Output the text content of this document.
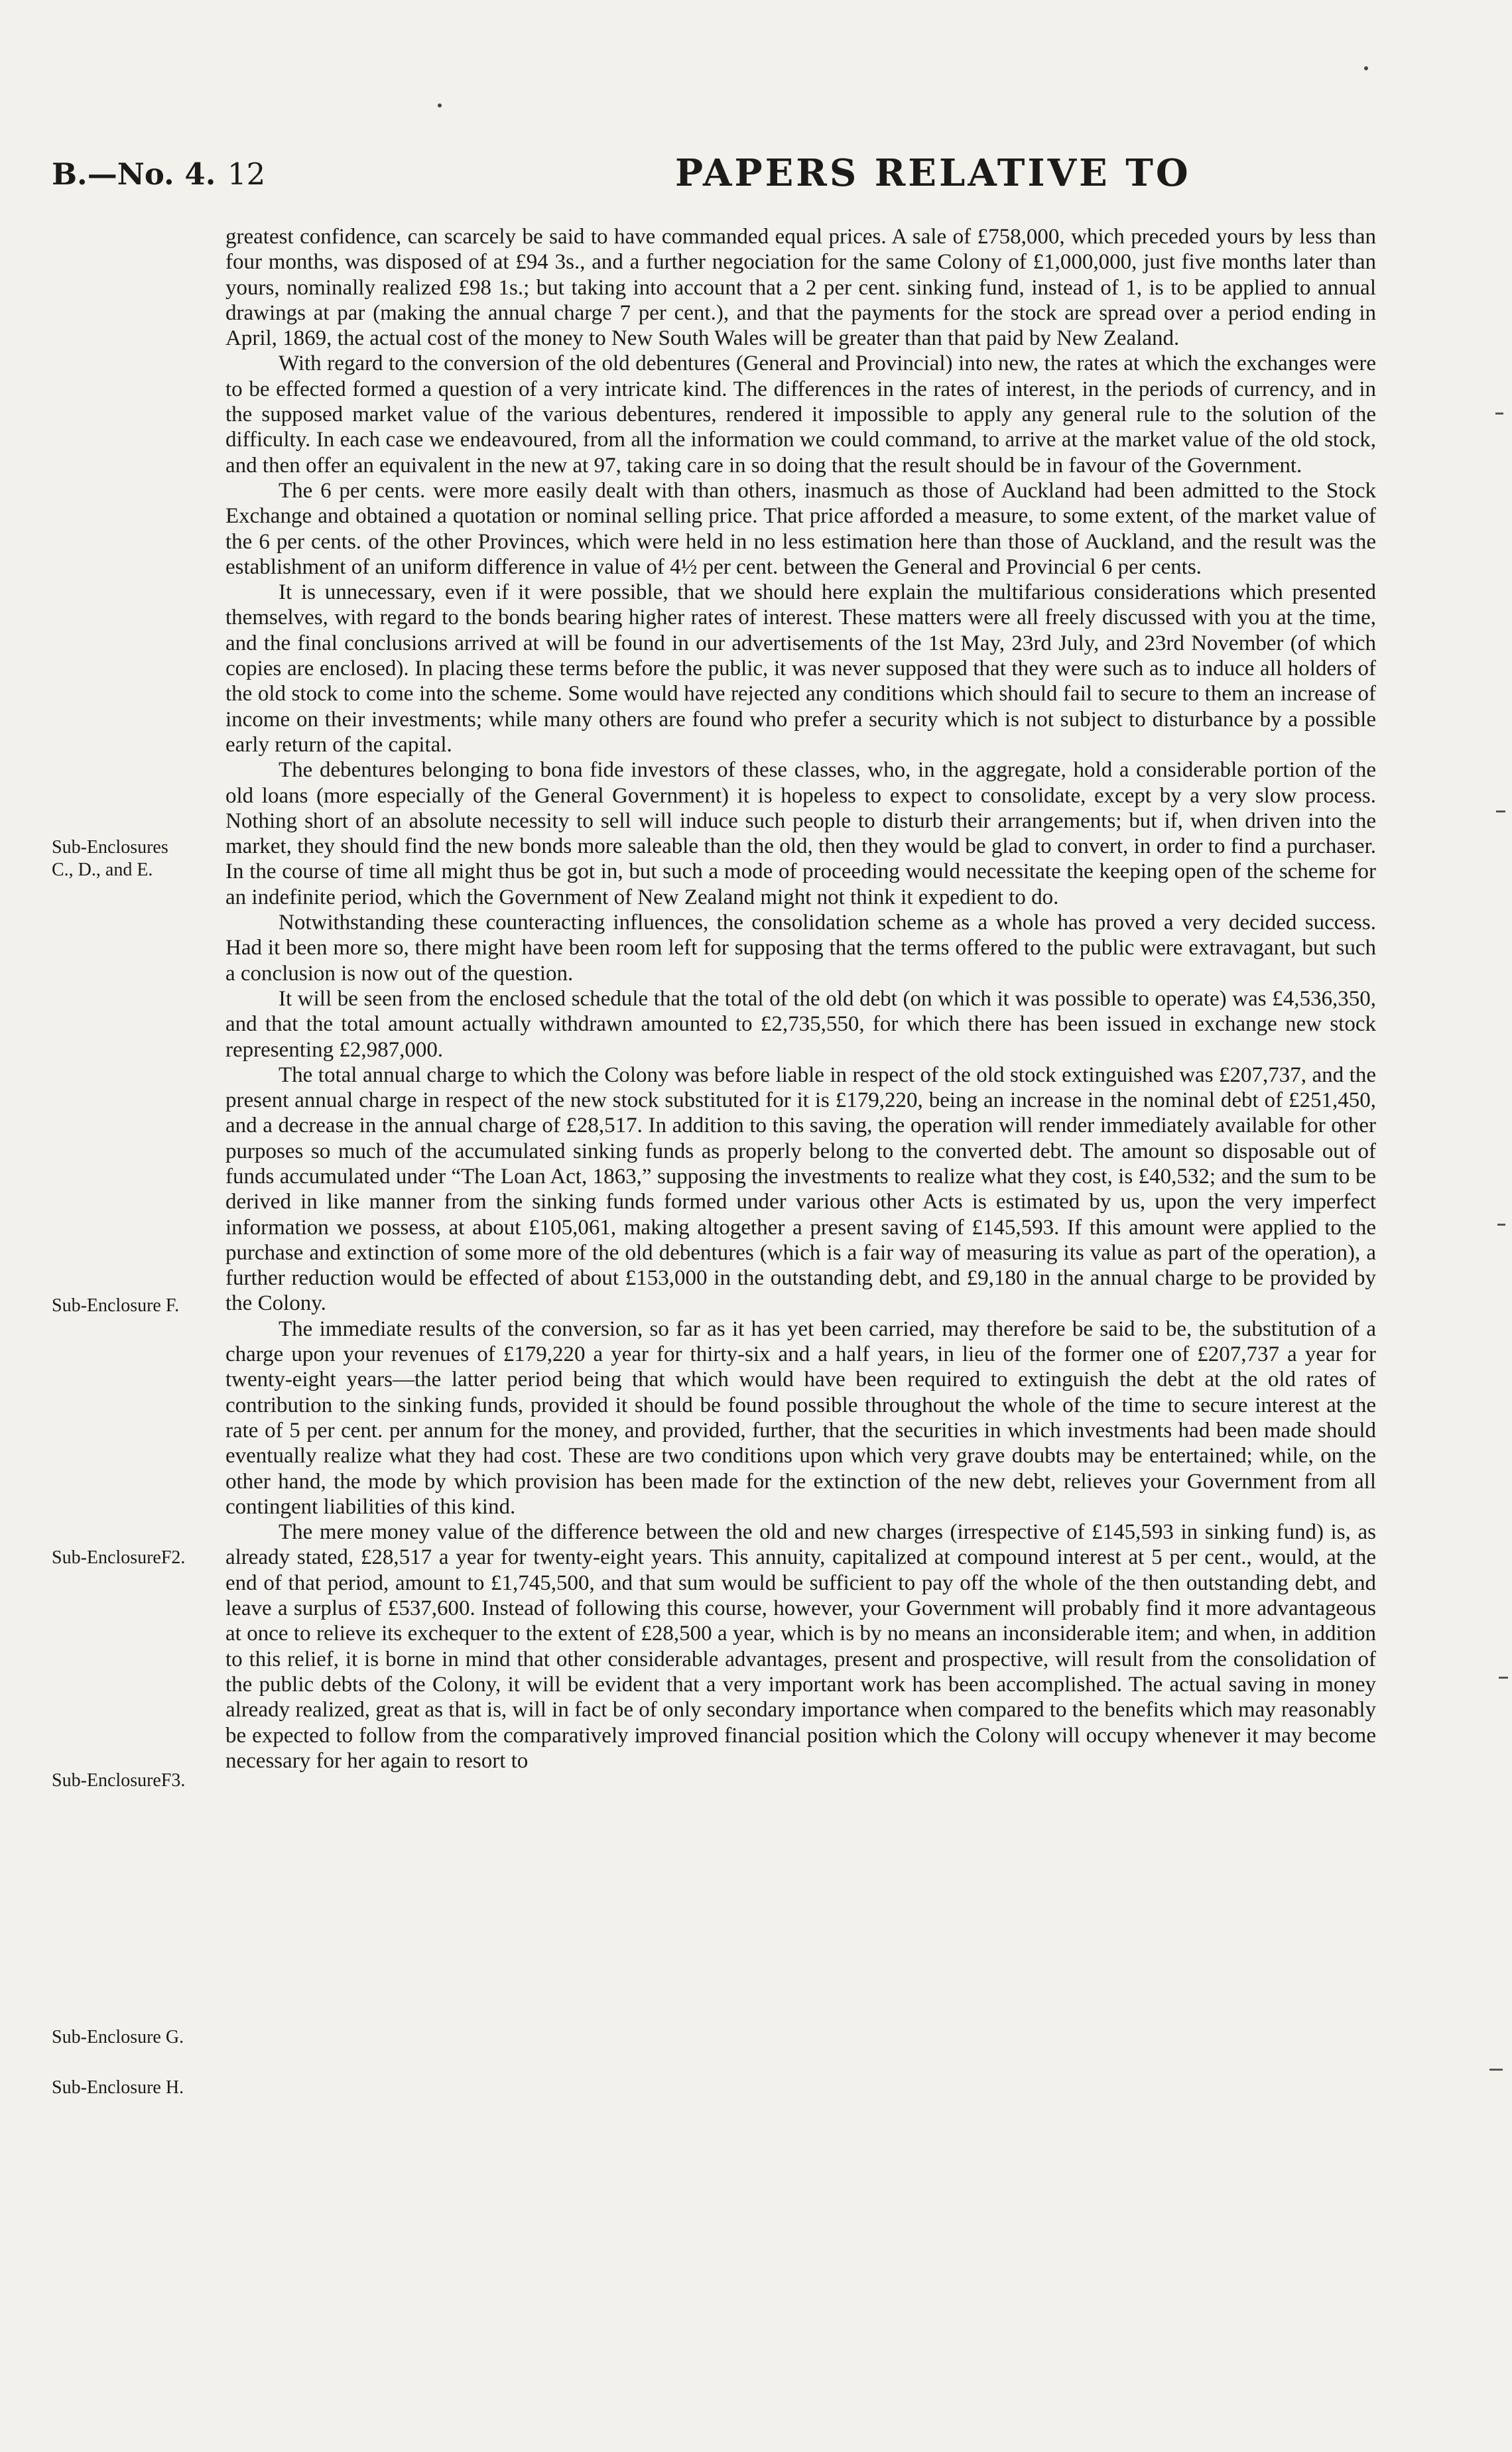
B.—No. 4. 12	PAPERS RELATIVE TO
Sub-Enclosures
C., D., and E.
Sub-Enclosure F.
Sub-EnclosureF2.
Sub-EnclosureF3.
Sub-Enclosure G.
Sub-Enclosure H.

greatest confidence, can scarcely be said to have commanded equal prices. A sale of £758,000, which preceded yours by less than four months, was disposed of at £94 3s., and a further negociation for the same Colony of £1,000,000, just five months later than yours, nominally realized £98 1s.; but taking into account that a 2 per cent. sinking fund, instead of 1, is to be applied to annual drawings at par (making the annual charge 7 per cent.), and that the payments for the stock are spread over a period ending in April, 1869, the actual cost of the money to New South Wales will be greater than that paid by New Zealand.

With regard to the conversion of the old debentures (General and Provincial) into new, the rates at which the exchanges were to be effected formed a question of a very intricate kind. The differences in the rates of interest, in the periods of currency, and in the supposed market value of the various debentures, rendered it impossible to apply any general rule to the solution of the difficulty. In each case we endeavoured, from all the information we could command, to arrive at the market value of the old stock, and then offer an equivalent in the new at 97, taking care in so doing that the result should be in favour of the Government.

The 6 per cents. were more easily dealt with than others, inasmuch as those of Auckland had been admitted to the Stock Exchange and obtained a quotation or nominal selling price. That price afforded a measure, to some extent, of the market value of the 6 per cents. of the other Provinces, which were held in no less estimation here than those of Auckland, and the result was the establishment of an uniform difference in value of 4½ per cent. between the General and Provincial 6 per cents.

It is unnecessary, even if it were possible, that we should here explain the multifarious considerations which presented themselves, with regard to the bonds bearing higher rates of interest. These matters were all freely discussed with you at the time, and the final conclusions arrived at will be found in our advertisements of the 1st May, 23rd July, and 23rd November (of which copies are enclosed). In placing these terms before the public, it was never supposed that they were such as to induce all holders of the old stock to come into the scheme. Some would have rejected any conditions which should fail to secure to them an increase of income on their investments; while many others are found who prefer a security which is not subject to disturbance by a possible early return of the capital.

The debentures belonging to bona fide investors of these classes, who, in the aggregate, hold a considerable portion of the old loans (more especially of the General Government) it is hopeless to expect to consolidate, except by a very slow process. Nothing short of an absolute necessity to sell will induce such people to disturb their arrangements; but if, when driven into the market, they should find the new bonds more saleable than the old, then they would be glad to convert, in order to find a purchaser. In the course of time all might thus be got in, but such a mode of proceeding would necessitate the keeping open of the scheme for an indefinite period, which the Government of New Zealand might not think it expedient to do.

Notwithstanding these counteracting influences, the consolidation scheme as a whole has proved a very decided success. Had it been more so, there might have been room left for supposing that the terms offered to the public were extravagant, but such a conclusion is now out of the question.

It will be seen from the enclosed schedule that the total of the old debt (on which it was possible to operate) was £4,536,350, and that the total amount actually withdrawn amounted to £2,735,550, for which there has been issued in exchange new stock representing £2,987,000.

The total annual charge to which the Colony was before liable in respect of the old stock extinguished was £207,737, and the present annual charge in respect of the new stock substituted for it is £179,220, being an increase in the nominal debt of £251,450, and a decrease in the annual charge of £28,517. In addition to this saving, the operation will render immediately available for other purposes so much of the accumulated sinking funds as properly belong to the converted debt. The amount so disposable out of funds accumulated under “The Loan Act, 1863,” supposing the investments to realize what they cost, is £40,532; and the sum to be derived in like manner from the sinking funds formed under various other Acts is estimated by us, upon the very imperfect information we possess, at about £105,061, making altogether a present saving of £145,593. If this amount were applied to the purchase and extinction of some more of the old debentures (which is a fair way of measuring its value as part of the operation), a further reduction would be effected of about £153,000 in the outstanding debt, and £9,180 in the annual charge to be provided by the Colony.

The immediate results of the conversion, so far as it has yet been carried, may therefore be said to be, the substitution of a charge upon your revenues of £179,220 a year for thirty-six and a half years, in lieu of the former one of £207,737 a year for twenty-eight years—the latter period being that which would have been required to extinguish the debt at the old rates of contribution to the sinking funds, provided it should be found possible throughout the whole of the time to secure interest at the rate of 5 per cent. per annum for the money, and provided, further, that the securities in which investments had been made should eventually realize what they had cost. These are two conditions upon which very grave doubts may be entertained; while, on the other hand, the mode by which provision has been made for the extinction of the new debt, relieves your Government from all contingent liabilities of this kind.

The mere money value of the difference between the old and new charges (irrespective of £145,593 in sinking fund) is, as already stated, £28,517 a year for twenty-eight years. This annuity, capitalized at compound interest at 5 per cent., would, at the end of that period, amount to £1,745,500, and that sum would be sufficient to pay off the whole of the then outstanding debt, and leave a surplus of £537,600. Instead of following this course, however, your Government will probably find it more advantageous at once to relieve its exchequer to the extent of £28,500 a year, which is by no means an inconsiderable item; and when, in addition to this relief, it is borne in mind that other considerable advantages, present and prospective, will result from the consolidation of the public debts of the Colony, it will be evident that a very important work has been accomplished. The actual saving in money already realized, great as that is, will in fact be of only secondary importance when compared to the benefits which may reasonably be expected to follow from the comparatively improved financial position which the Colony will occupy whenever it may become necessary for her again to resort to
